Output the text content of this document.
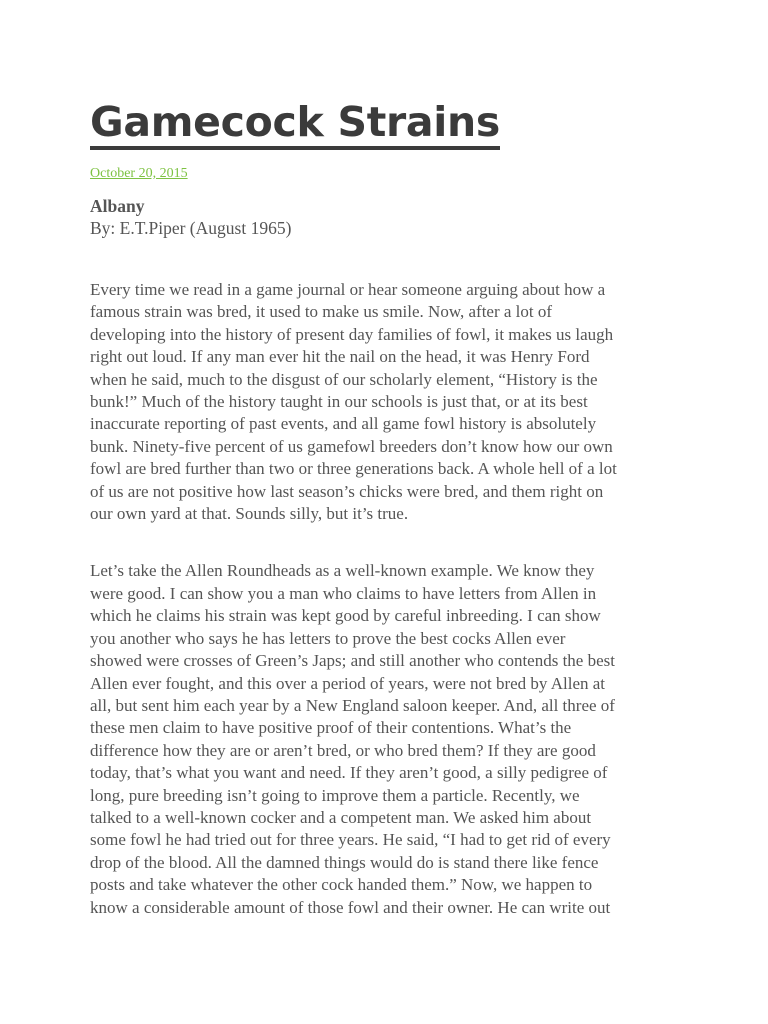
Gamecock Strains
October 20, 2015
Albany
By: E.T.Piper (August 1965)

Every time we read in a game journal or hear someone arguing about how a
famous strain was bred, it used to make us smile. Now, after a lot of
developing into the history of present day families of fowl, it makes us laugh
right out loud. If any man ever hit the nail on the head, it was Henry Ford
when he said, much to the disgust of our scholarly element, “History is the
bunk!” Much of the history taught in our schools is just that, or at its best
inaccurate reporting of past events, and all game fowl history is absolutely
bunk. Ninety-five percent of us gamefowl breeders don’t know how our own
fowl are bred further than two or three generations back. A whole hell of a lot
of us are not positive how last season’s chicks were bred, and them right on
our own yard at that. Sounds silly, but it’s true.

Let’s take the Allen Roundheads as a well-known example. We know they
were good. I can show you a man who claims to have letters from Allen in
which he claims his strain was kept good by careful inbreeding. I can show
you another who says he has letters to prove the best cocks Allen ever
showed were crosses of Green’s Japs; and still another who contends the best
Allen ever fought, and this over a period of years, were not bred by Allen at
all, but sent him each year by a New England saloon keeper. And, all three of
these men claim to have positive proof of their contentions. What’s the
difference how they are or aren’t bred, or who bred them? If they are good
today, that’s what you want and need. If they aren’t good, a silly pedigree of
long, pure breeding isn’t going to improve them a particle. Recently, we
talked to a well-known cocker and a competent man. We asked him about
some fowl he had tried out for three years. He said, “I had to get rid of every
drop of the blood. All the damned things would do is stand there like fence
posts and take whatever the other cock handed them.” Now, we happen to
know a considerable amount of those fowl and their owner. He can write out
